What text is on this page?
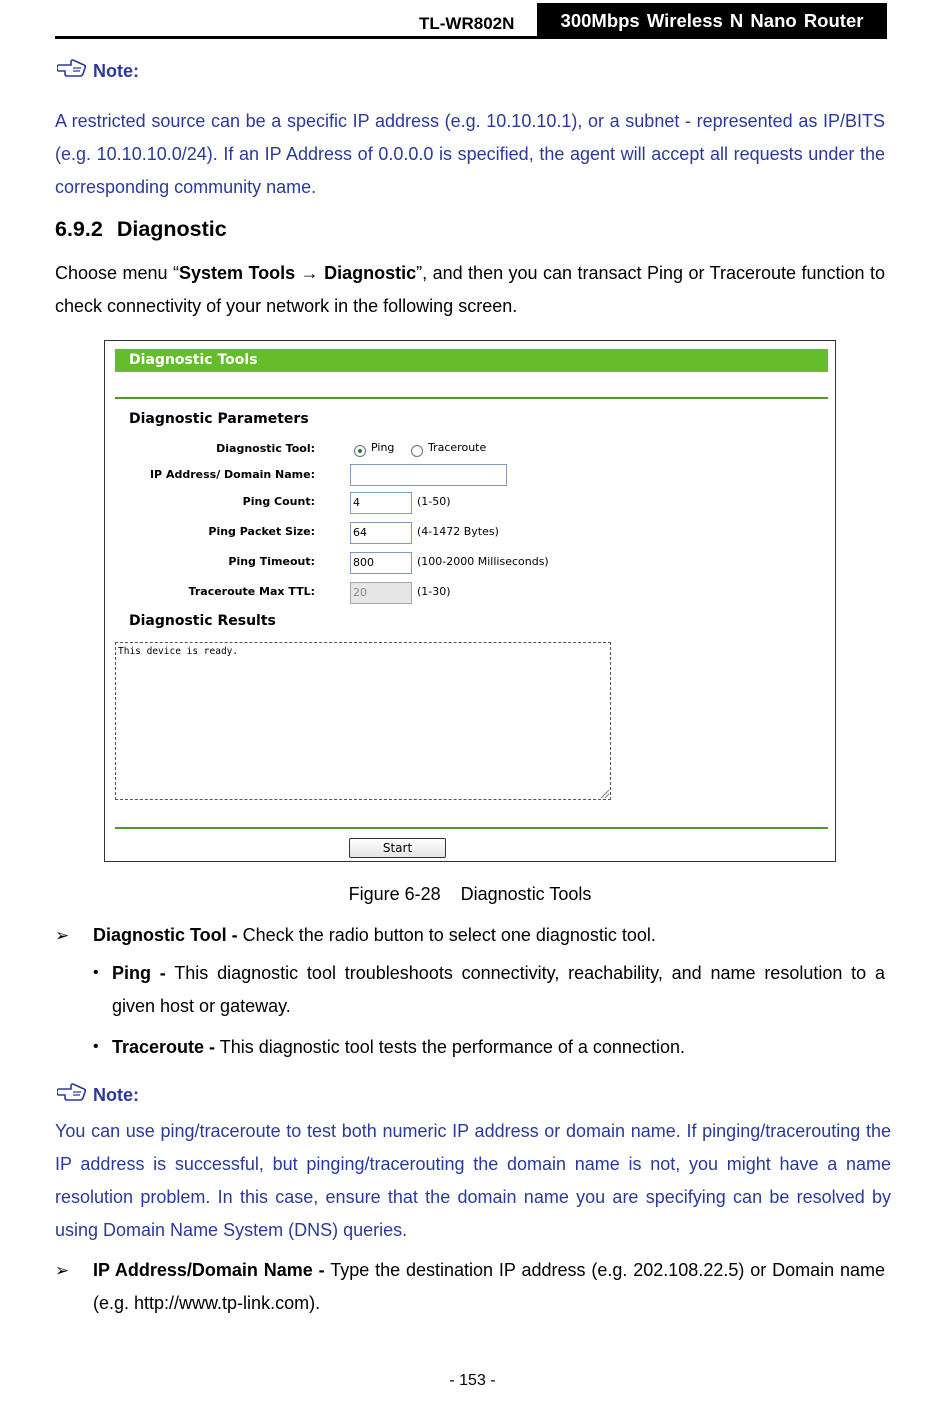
TL-WR802N	300Mbps Wireless N Nano Router
Note:
A restricted source can be a specific IP address (e.g. 10.10.10.1), or a subnet - represented as IP/BITS (e.g. 10.10.10.0/24). If an IP Address of 0.0.0.0 is specified, the agent will accept all requests under the corresponding community name.
6.9.2 Diagnostic
Choose menu “System Tools → Diagnostic”, and then you can transact Ping or Traceroute function to check connectivity of your network in the following screen.
Diagnostic Tools
Diagnostic Parameters
Diagnostic Tool:	Ping	Traceroute
IP Address/ Domain Name:
Ping Count:	4	(1-50)
Ping Packet Size:	64	(4-1472 Bytes)
Ping Timeout:	800	(100-2000 Milliseconds)
Traceroute Max TTL:	20	(1-30)
Diagnostic Results
This device is ready.
Start
Figure 6-28    Diagnostic Tools
➢ Diagnostic Tool - Check the radio button to select one diagnostic tool.
• Ping - This diagnostic tool troubleshoots connectivity, reachability, and name resolution to a given host or gateway.
• Traceroute - This diagnostic tool tests the performance of a connection.
Note:
You can use ping/traceroute to test both numeric IP address or domain name. If pinging/tracerouting the IP address is successful, but pinging/tracerouting the domain name is not, you might have a name resolution problem. In this case, ensure that the domain name you are specifying can be resolved by using Domain Name System (DNS) queries.
➢ IP Address/Domain Name - Type the destination IP address (e.g. 202.108.22.5) or Domain name (e.g. http://www.tp-link.com).
- 153 -
